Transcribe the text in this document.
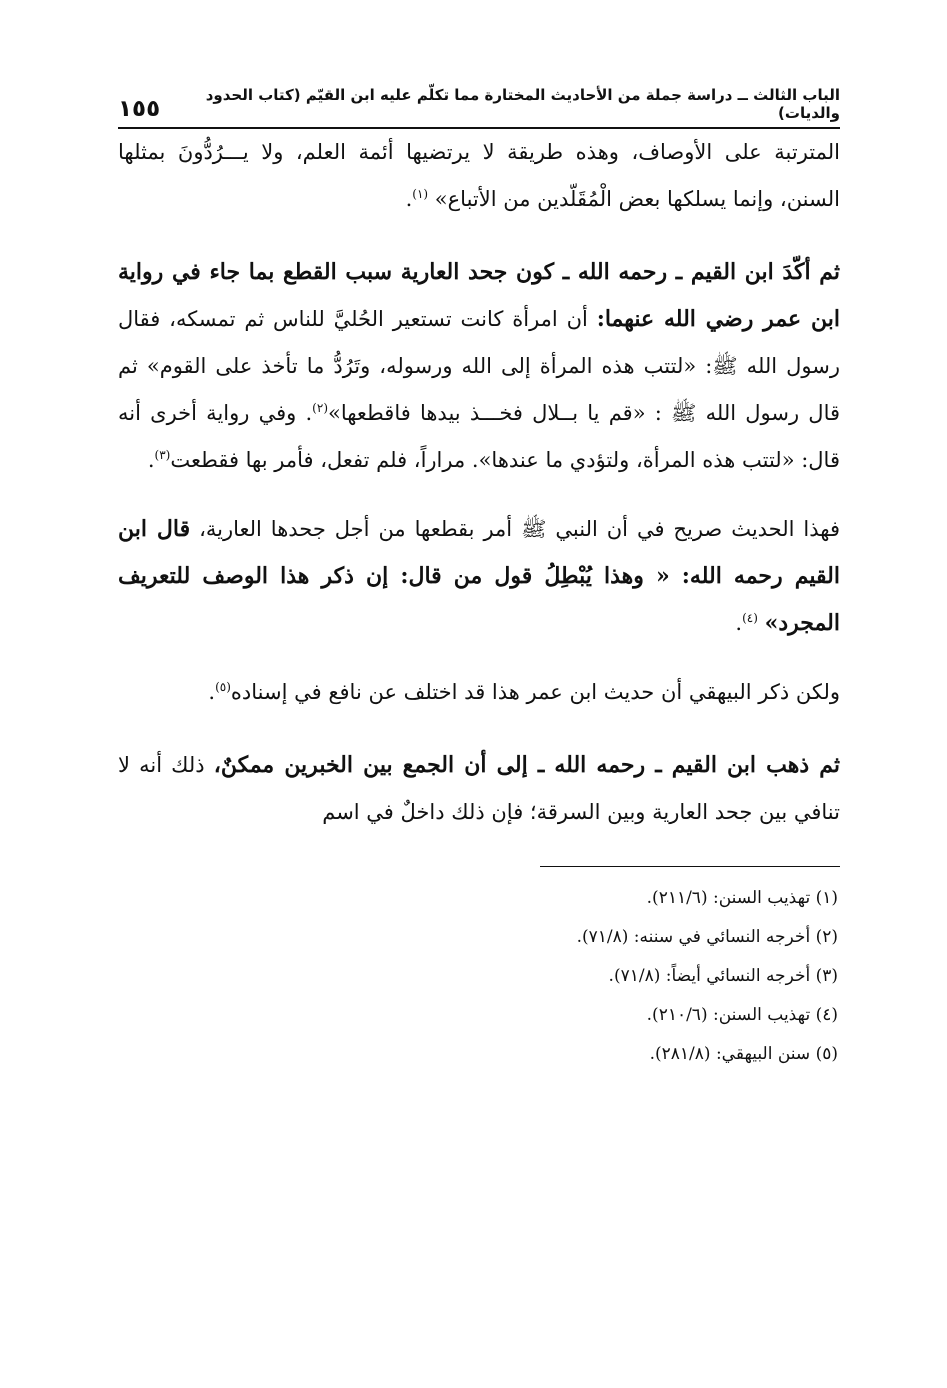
الباب الثالث ــ دراسة جملة من الأحاديث المختارة مما تكلّم عليه ابن القيّم (كتاب الحدود والديات)
١٥٥

المترتبة على الأوصاف، وهذه طريقة لا يرتضيها أئمة العلم، ولا يـــرُدُّونَ بمثلها السنن، وإنما يسلكها بعض الْمُقَلّدين من الأتباع» $^{(١)}$.

ثم أكّدَ ابن القيم ـ رحمه الله ـ كون جحد العارية سبب القطع بما جاء في رواية ابن عمر رضي الله عنهما: أن امرأة كانت تستعير الحُليَّ للناس ثم تمسكه، فقال رسول الله ﷺ: «لتتب هذه المرأة إلى الله ورسوله، وتَرُدُّ ما تأخذ على القوم» ثم قال رسول الله ﷺ : «قم يا بــلال فخـــذ بيدها فاقطعها»$^{(٢)}$. وفي رواية أخرى أنه قال: «لتتب هذه المرأة، ولتؤدي ما عندها». مراراً، فلم تفعل، فأمر بها فقطعت$^{(٣)}$.

فهذا الحديث صريح في أن النبي ﷺ أمر بقطعها من أجل جحدها العارية، قال ابن القيم رحمه الله: « وهذا يُبْطِلُ قول من قال: إن ذكر هذا الوصف للتعريف المجرد» $^{(٤)}$.

ولكن ذكر البيهقي أن حديث ابن عمر هذا قد اختلف عن نافع في إسناده$^{(٥)}$.

ثم ذهب ابن القيم ـ رحمه الله ـ إلى أن الجمع بين الخبرين ممكنٌ، ذلك أنه لا تنافي بين جحد العارية وبين السرقة؛ فإن ذلك داخلٌ في اسم

(١) تهذيب السنن: (٢١١/٦).
(٢) أخرجه النسائي في سننه: (٧١/٨).
(٣) أخرجه النسائي أيضاً: (٧١/٨).
(٤) تهذيب السنن: (٢١٠/٦).
(٥) سنن البيهقي: (٢٨١/٨).
